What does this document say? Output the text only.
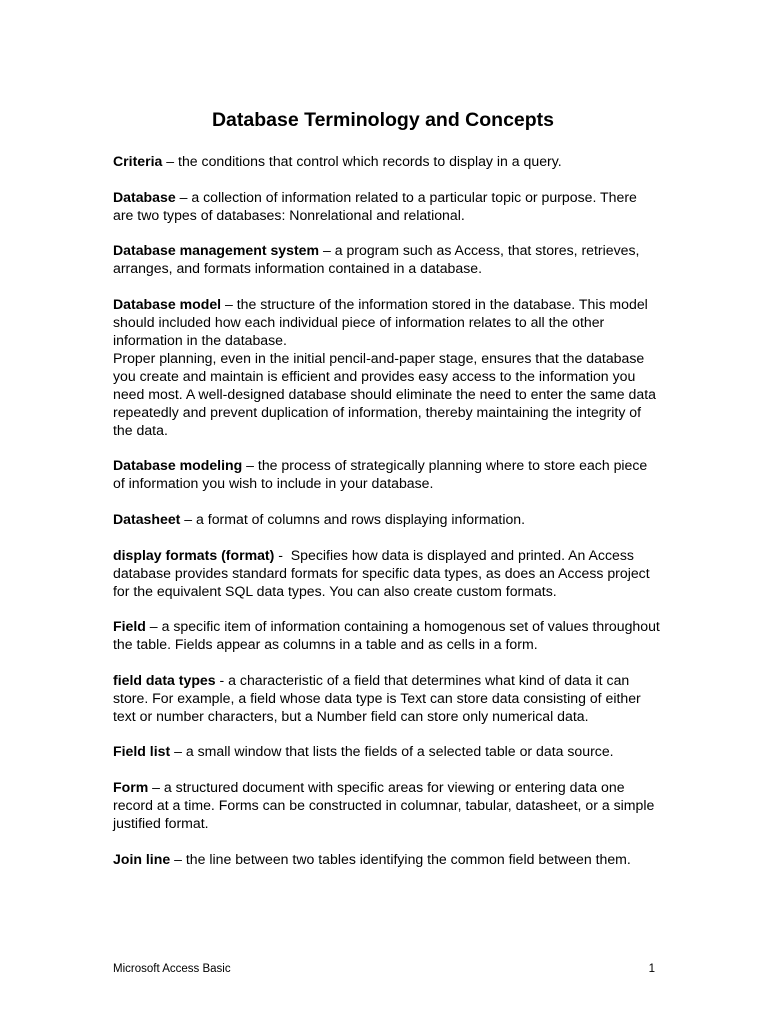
Database Terminology and Concepts

Criteria – the conditions that control which records to display in a query.

Database – a collection of information related to a particular topic or purpose. There are two types of databases: Nonrelational and relational.

Database management system – a program such as Access, that stores, retrieves, arranges, and formats information contained in a database.

Database model – the structure of the information stored in the database. This model should included how each individual piece of information relates to all the other information in the database.
Proper planning, even in the initial pencil-and-paper stage, ensures that the database you create and maintain is efficient and provides easy access to the information you need most. A well-designed database should eliminate the need to enter the same data repeatedly and prevent duplication of information, thereby maintaining the integrity of the data.

Database modeling – the process of strategically planning where to store each piece of information you wish to include in your database.

Datasheet – a format of columns and rows displaying information.

display formats (format) -  Specifies how data is displayed and printed. An Access database provides standard formats for specific data types, as does an Access project for the equivalent SQL data types. You can also create custom formats.

Field – a specific item of information containing a homogenous set of values throughout the table. Fields appear as columns in a table and as cells in a form.

field data types - a characteristic of a field that determines what kind of data it can store. For example, a field whose data type is Text can store data consisting of either text or number characters, but a Number field can store only numerical data.

Field list – a small window that lists the fields of a selected table or data source.

Form – a structured document with specific areas for viewing or entering data one record at a time. Forms can be constructed in columnar, tabular, datasheet, or a simple justified format.

Join line – the line between two tables identifying the common field between them.

Microsoft Access Basic	1
